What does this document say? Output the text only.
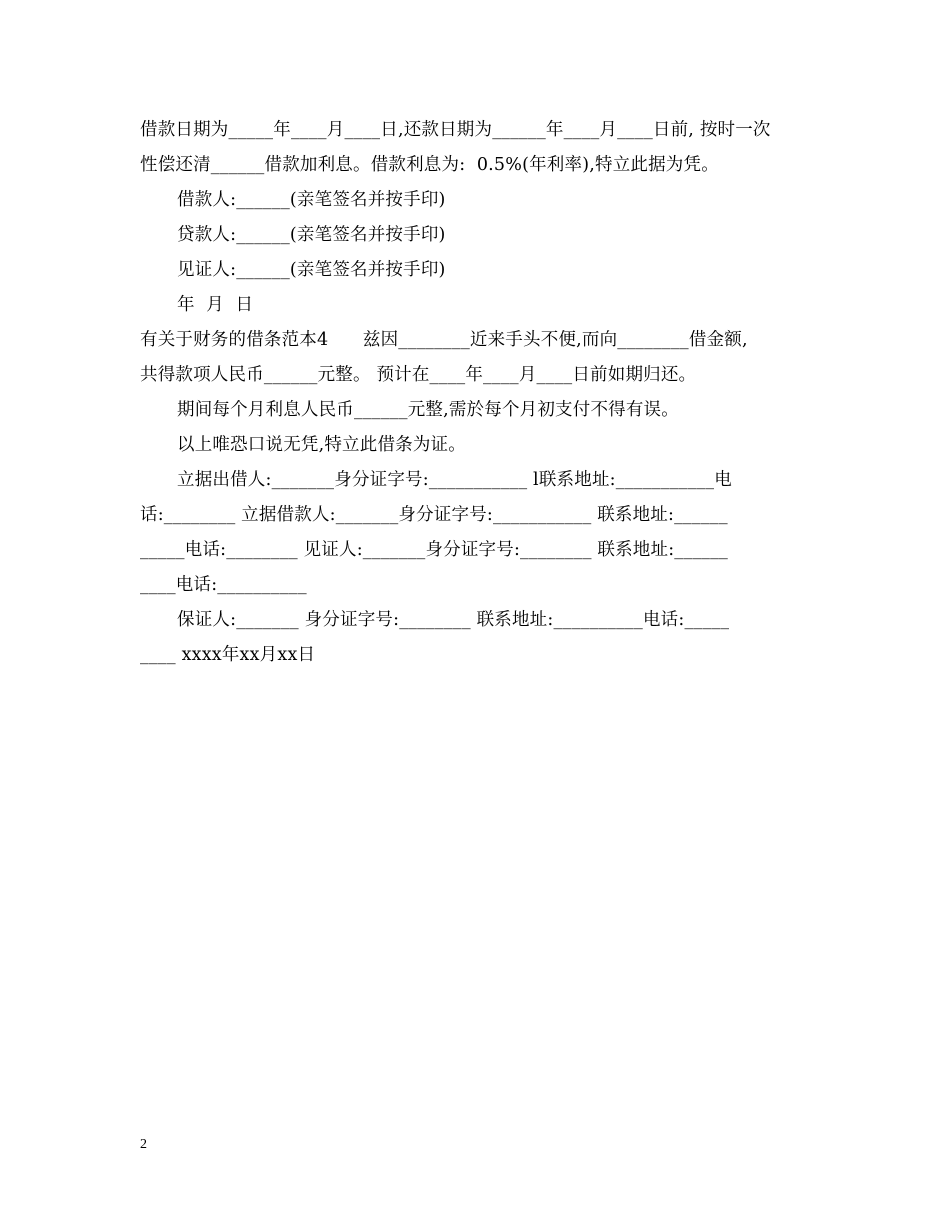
借款日期为_____年____月____日,还款日期为______年____月____日前, 按时一次
性偿还清______借款加利息。借款利息为:  0.5%(年利率),特立此据为凭。
借款人:______(亲笔签名并按手印)
贷款人:______(亲笔签名并按手印)
见证人:______(亲笔签名并按手印)
年  月  日
有关于财务的借条范本4      兹因________近来手头不便,而向________借金额,
共得款项人民币______元整。 预计在____年____月____日前如期归还。
期间每个月利息人民币______元整,需於每个月初支付不得有误。
以上唯恐口说无凭,特立此借条为证。
立据出借人:_______身分证字号:___________ l联系地址:___________电
话:________ 立据借款人:_______身分证字号:___________ 联系地址:______
_____电话:________ 见证人:_______身分证字号:________ 联系地址:______
____电话:__________
保证人:_______ 身分证字号:________ 联系地址:__________电话:_____
____ xxxx年xx月xx日
2
